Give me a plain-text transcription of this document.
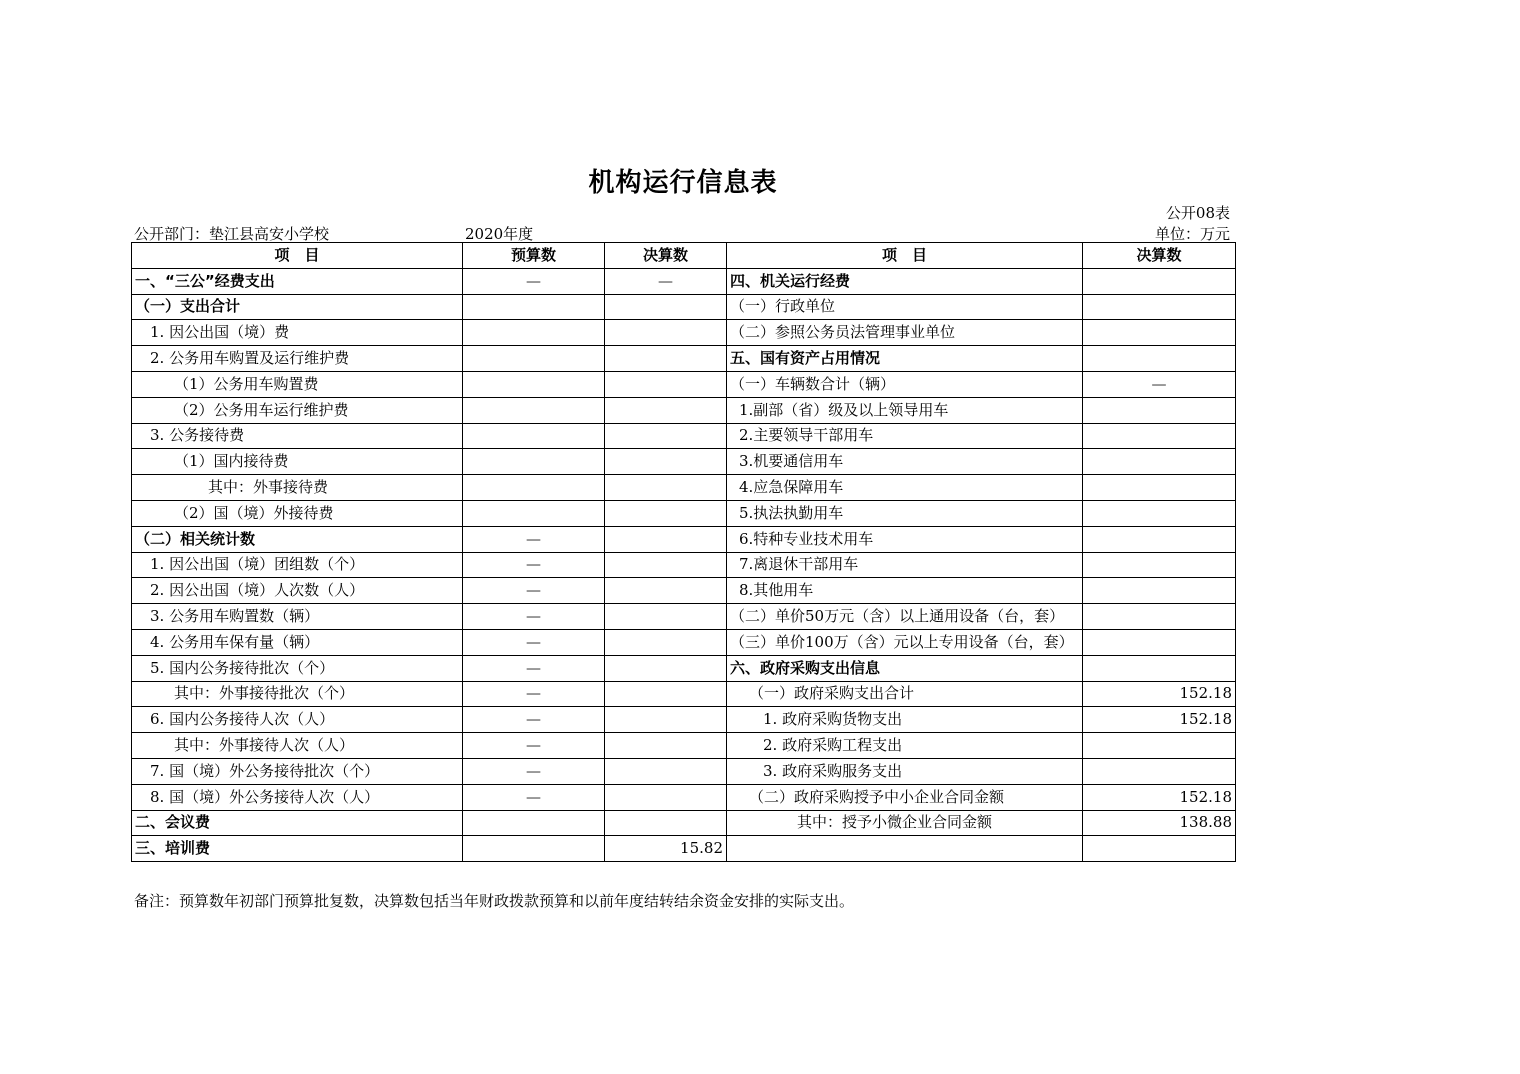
机构运行信息表
公开08表
公开部门：垫江县高安小学校	2020年度	单位：万元
项　目	预算数	决算数	项　目	决算数
一、“三公”经费支出	—	—	四、机关运行经费	
（一）支出合计			（一）行政单位	
1. 因公出国（境）费			（二）参照公务员法管理事业单位	
2. 公务用车购置及运行维护费			五、国有资产占用情况	
（1）公务用车购置费			（一）车辆数合计（辆）	—
（2）公务用车运行维护费			1.副部（省）级及以上领导用车	
3. 公务接待费			2.主要领导干部用车	
（1）国内接待费			3.机要通信用车	
其中：外事接待费			4.应急保障用车	
（2）国（境）外接待费			5.执法执勤用车	
（二）相关统计数	—		6.特种专业技术用车	
1. 因公出国（境）团组数（个）	—		7.离退休干部用车	
2. 因公出国（境）人次数（人）	—		8.其他用车	
3. 公务用车购置数（辆）	—		（二）单价50万元（含）以上通用设备（台，套）	
4. 公务用车保有量（辆）	—		（三）单价100万（含）元以上专用设备（台，套）	
5. 国内公务接待批次（个）	—		六、政府采购支出信息	
其中：外事接待批次（个）	—		（一）政府采购支出合计	152.18
6. 国内公务接待人次（人）	—		1. 政府采购货物支出	152.18
其中：外事接待人次（人）	—		2. 政府采购工程支出	
7. 国（境）外公务接待批次（个）	—		3. 政府采购服务支出	
8. 国（境）外公务接待人次（人）	—		（二）政府采购授予中小企业合同金额	152.18
二、会议费			其中：授予小微企业合同金额	138.88
三、培训费		15.82		
备注：预算数年初部门预算批复数，决算数包括当年财政拨款预算和以前年度结转结余资金安排的实际支出。
